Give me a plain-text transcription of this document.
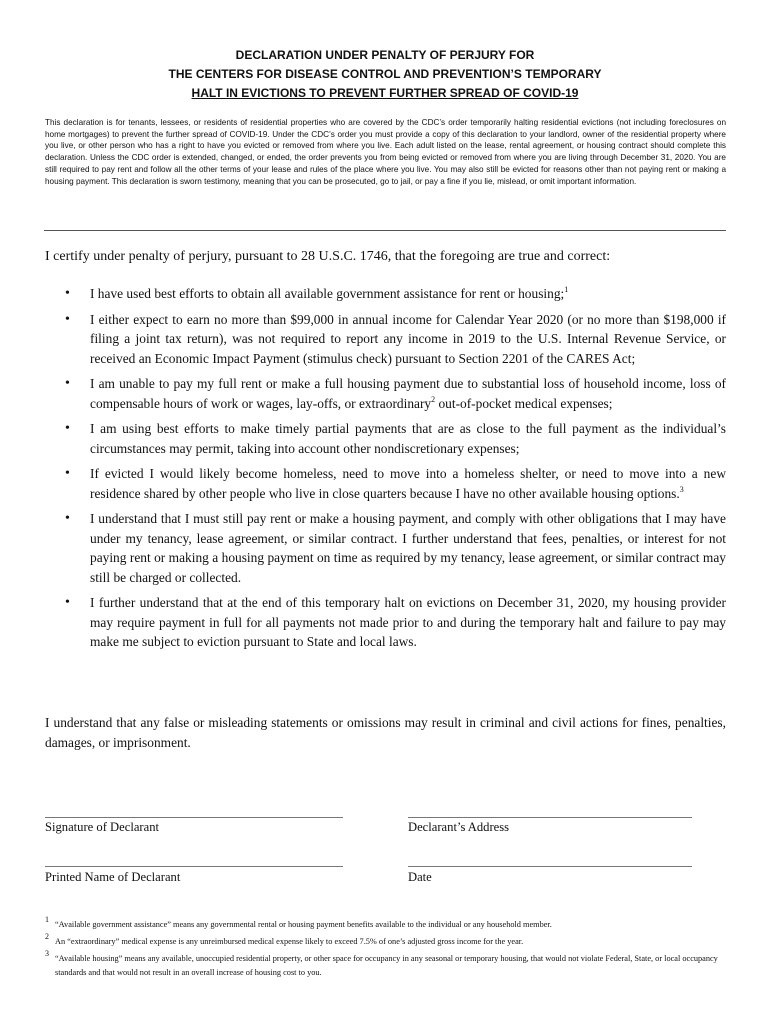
DECLARATION UNDER PENALTY OF PERJURY FOR
THE CENTERS FOR DISEASE CONTROL AND PREVENTION’S TEMPORARY
HALT IN EVICTIONS TO PREVENT FURTHER SPREAD OF COVID-19
This declaration is for tenants, lessees, or residents of residential properties who are covered by the CDC’s order temporarily halting residential evictions (not including foreclosures on home mortgages) to prevent the further spread of COVID-19. Under the CDC’s order you must provide a copy of this declaration to your landlord, owner of the residential property where you live, or other person who has a right to have you evicted or removed from where you live. Each adult listed on the lease, rental agreement, or housing contract should complete this declaration. Unless the CDC order is extended, changed, or ended, the order prevents you from being evicted or removed from where you are living through December 31, 2020. You are still required to pay rent and follow all the other terms of your lease and rules of the place where you live. You may also still be evicted for reasons other than not paying rent or making a housing payment. This declaration is sworn testimony, meaning that you can be prosecuted, go to jail, or pay a fine if you lie, mislead, or omit important information.
I certify under penalty of perjury, pursuant to 28 U.S.C. 1746, that the foregoing are true and correct:
• I have used best efforts to obtain all available government assistance for rent or housing;$^1$
• I either expect to earn no more than $99,000 in annual income for Calendar Year 2020 (or no more than $198,000 if filing a joint tax return), was not required to report any income in 2019 to the U.S. Internal Revenue Service, or received an Economic Impact Payment (stimulus check) pursuant to Section 2201 of the CARES Act;
• I am unable to pay my full rent or make a full housing payment due to substantial loss of household income, loss of compensable hours of work or wages, lay-offs, or extraordinary$^2$ out-of-pocket medical expenses;
• I am using best efforts to make timely partial payments that are as close to the full payment as the individual’s circumstances may permit, taking into account other nondiscretionary expenses;
• If evicted I would likely become homeless, need to move into a homeless shelter, or need to move into a new residence shared by other people who live in close quarters because I have no other available housing options.$^3$
• I understand that I must still pay rent or make a housing payment, and comply with other obligations that I may have under my tenancy, lease agreement, or similar contract. I further understand that fees, penalties, or interest for not paying rent or making a housing payment on time as required by my tenancy, lease agreement, or similar contract may still be charged or collected.
• I further understand that at the end of this temporary halt on evictions on December 31, 2020, my housing provider may require payment in full for all payments not made prior to and during the temporary halt and failure to pay may make me subject to eviction pursuant to State and local laws.
I understand that any false or misleading statements or omissions may result in criminal and civil actions for fines, penalties, damages, or imprisonment.
Signature of Declarant	Declarant’s Address
Printed Name of Declarant	Date
1
“Available government assistance” means any governmental rental or housing payment benefits available to the individual or any household member.
2
An “extraordinary” medical expense is any unreimbursed medical expense likely to exceed 7.5% of one’s adjusted gross income for the year.
3
“Available housing” means any available, unoccupied residential property, or other space for occupancy in any seasonal or temporary housing, that would not violate Federal, State, or local occupancy standards and that would not result in an overall increase of housing cost to you.
